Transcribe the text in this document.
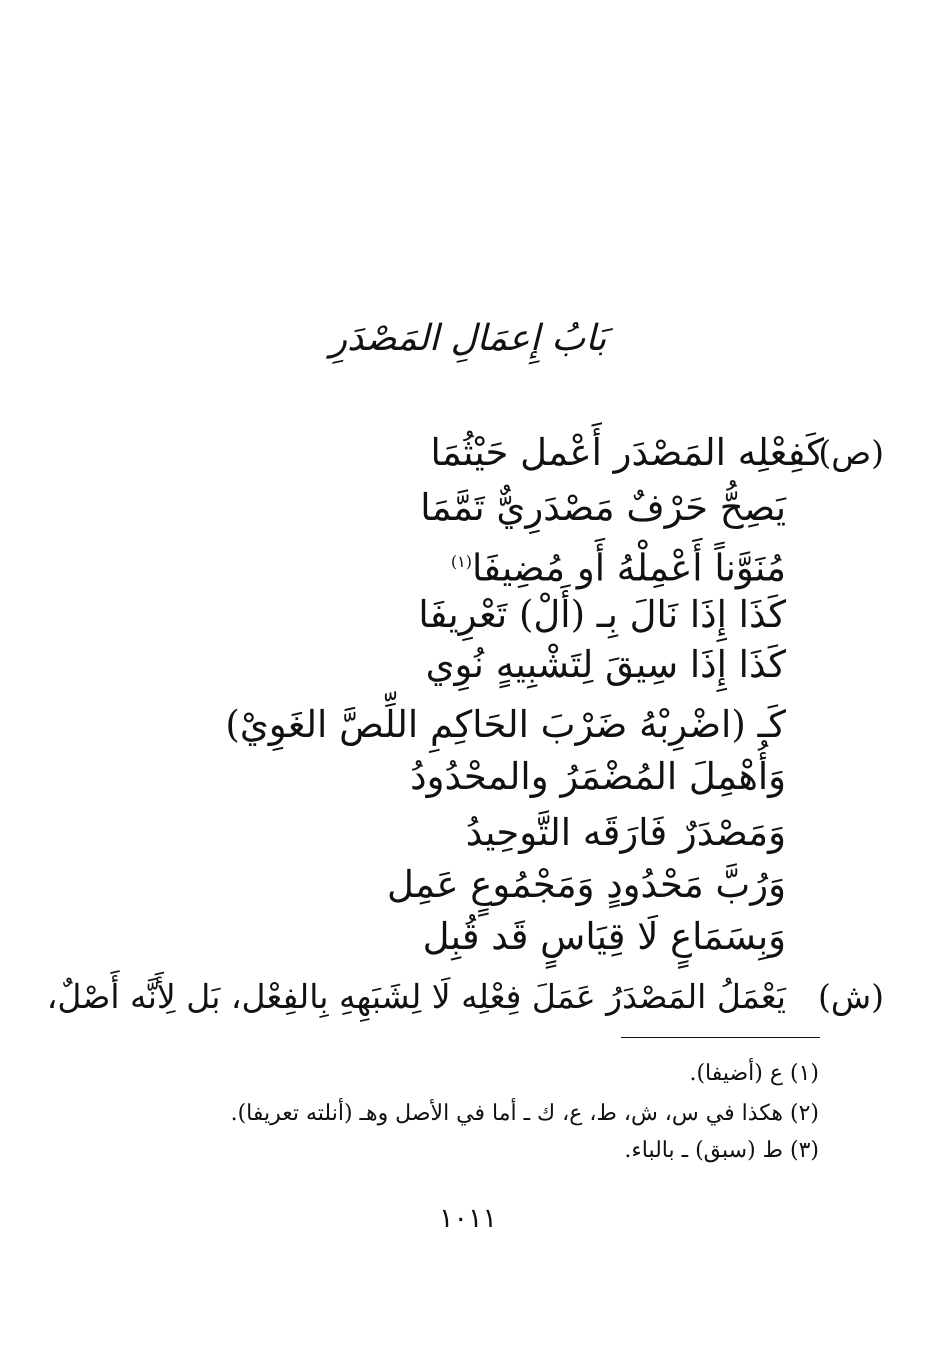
بَابُ إِعمَالِ المَصْدَرِ
(ص)
كَفِعْلِه المَصْدَر أَعْمل حَيْثُمَا
يَصِحُّ حَرْفٌ مَصْدَرِيٌّ تَمَّمَا
مُنَوَّناً أَعْمِلْهُ أَو مُضِيفَا$^{(١)}$
كَذَا إِذَا نَالَ بِـ (أَلْ) تَعْرِيفَا
كَذَا إِذَا سِيقَ لِتَشْبِيهٍ نُوِي
كَـ (اضْرِبْهُ ضَرْبَ الحَاكِمِ اللِّصَّ الغَوِيْ)
وَأُهْمِلَ المُضْمَرُ والمحْدُودُ
وَمَصْدَرٌ فَارَقَه التَّوحِيدُ
وَرُبَّ مَحْدُودٍ وَمَجْمُوعٍ عَمِل
وَبِسَمَاعٍ لَا قِيَاسٍ قَد قُبِل
(ش)
يَعْمَلُ المَصْدَرُ عَمَلَ فِعْلِه لَا لِشَبَهِهِ بِالفِعْل، بَل لِأَنَّه أَصْلٌ،
(١) ع (أضيفا).
(٢) هكذا في س، ش، ط، ع، ك ـ أما في الأصل وهـ (أنلته تعريفا).
(٣) ط (سبق) ـ بالباء.
١٠١١
